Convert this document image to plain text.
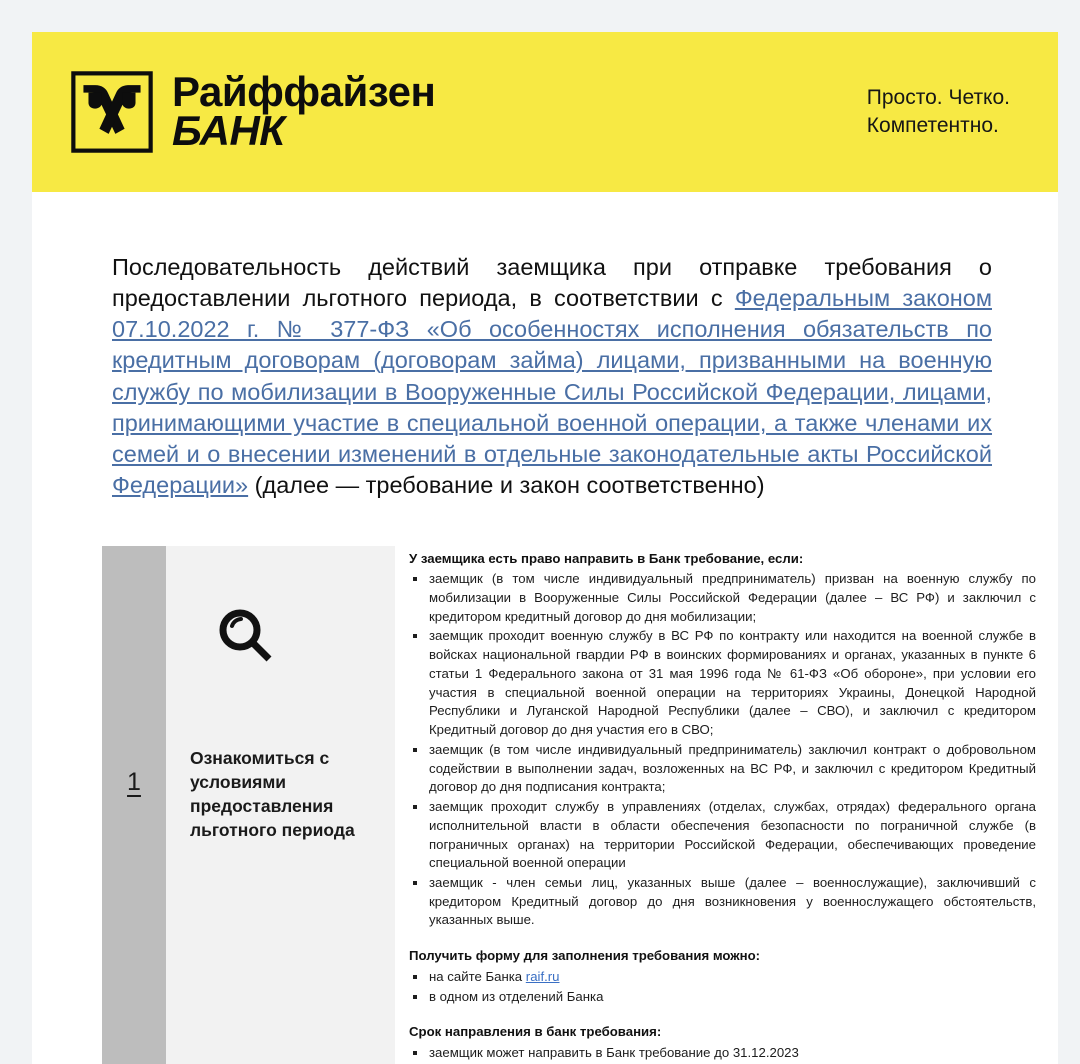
Райффайзен
БАНК
Просто. Четко.
Компетентно.

Последовательность действий заемщика при отправке требования о предоставлении льготного периода, в соответствии с Федеральным законом 07.10.2022 г. № 377-ФЗ «Об особенностях исполнения обязательств по кредитным договорам (договорам займа) лицами, призванными на военную службу по мобилизации в Вооруженные Силы Российской Федерации, лицами, принимающими участие в специальной военной операции, а также членами их семей и о внесении изменений в отдельные законодательные акты Российской Федерации» (далее — требование и закон соответственно)

1
Ознакомиться с условиями предоставления льготного периода
У заемщика есть право направить в Банк требование, если:
заемщик (в том числе индивидуальный предприниматель) призван на военную службу по мобилизации в Вооруженные Силы Российской Федерации (далее – ВС РФ) и заключил с кредитором кредитный договор до дня мобилизации;
заемщик проходит военную службу в ВС РФ по контракту или находится на военной службе в войсках национальной гвардии РФ в воинских формированиях и органах, указанных в пункте 6 статьи 1 Федерального закона от 31 мая 1996 года № 61-ФЗ «Об обороне», при условии его участия в специальной военной операции на территориях Украины, Донецкой Народной Республики и Луганской Народной Республики (далее – СВО), и заключил с кредитором Кредитный договор до дня участия его в СВО;
заемщик (в том числе индивидуальный предприниматель) заключил контракт о добровольном содействии в выполнении задач, возложенных на ВС РФ, и заключил с кредитором Кредитный договор до дня подписания контракта;
заемщик проходит службу в управлениях (отделах, службах, отрядах) федерального органа исполнительной власти в области обеспечения безопасности по пограничной службе (в пограничных органах) на территории Российской Федерации, обеспечивающих проведение специальной военной операции
заемщик - член семьи лиц, указанных выше (далее – военнослужащие), заключивший с кредитором Кредитный договор до дня возникновения у военнослужащего обстоятельств, указанных выше.
Получить форму для заполнения требования можно:
на сайте Банка raif.ru
в одном из отделений Банка
Срок направления в банк требования:
заемщик может направить в Банк требование до 31.12.2023
